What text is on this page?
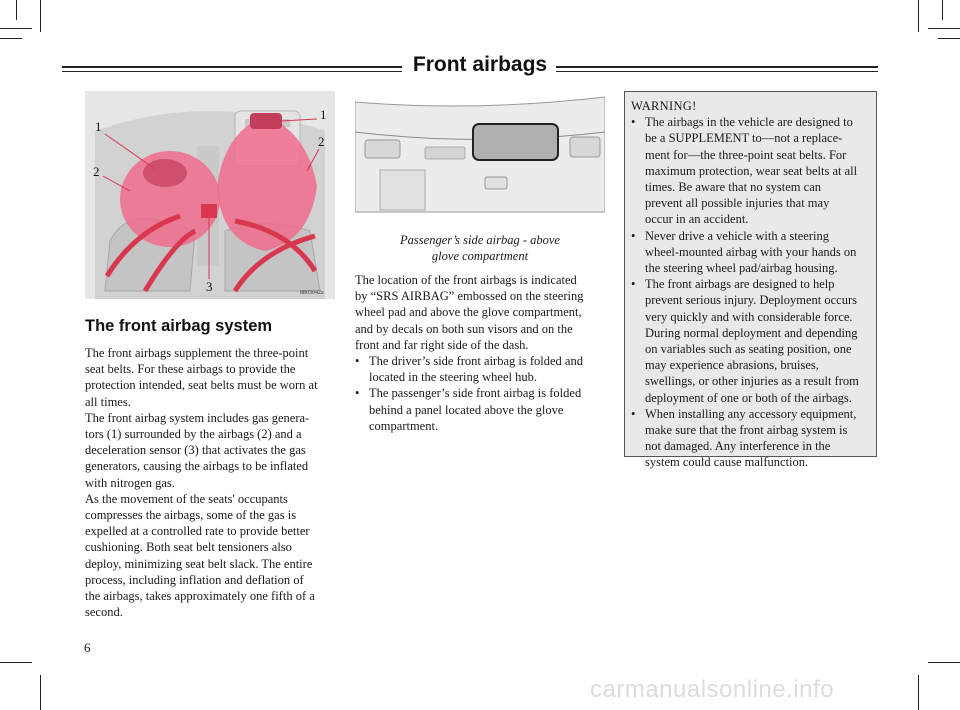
Front airbags
1
1
2
2
3	8803042a
Passenger’s side airbag - above
glove compartment
The front airbag system

The front airbags supplement the three-point
seat belts. For these airbags to provide the
protection intended, seat belts must be worn at
all times.

The front airbag system includes gas genera-
tors (1) surrounded by the airbags (2) and a
deceleration sensor (3) that activates the gas
generators, causing the airbags to be inflated
with nitrogen gas.

As the movement of the seats' occupants
compresses the airbags, some of the gas is
expelled at a controlled rate to provide better
cushioning. Both seat belt tensioners also
deploy, minimizing seat belt slack. The entire
process, including inflation and deflation of
the airbags, takes approximately one fifth of a
second.

The location of the front airbags is indicated
by “SRS AIRBAG” embossed on the steering
wheel pad and above the glove compartment,
and by decals on both sun visors and on the
front and far right side of the dash.

• The driver’s side front airbag is folded and
located in the steering wheel hub.
• The passenger’s side front airbag is folded
behind a panel located above the glove
compartment.
WARNING!
• The airbags in the vehicle are designed to
be a SUPPLEMENT to—not a replace-
ment for—the three-point seat belts. For
maximum protection, wear seat belts at all
times. Be aware that no system can
prevent all possible injuries that may
occur in an accident.
• Never drive a vehicle with a steering
wheel-mounted airbag with your hands on
the steering wheel pad/airbag housing.
• The front airbags are designed to help
prevent serious injury. Deployment occurs
very quickly and with considerable force.
During normal deployment and depending
on variables such as seating position, one
may experience abrasions, bruises,
swellings, or other injuries as a result from
deployment of one or both of the airbags.
• When installing any accessory equipment,
make sure that the front airbag system is
not damaged. Any interference in the
system could cause malfunction.
6
carmanualsonline.info
